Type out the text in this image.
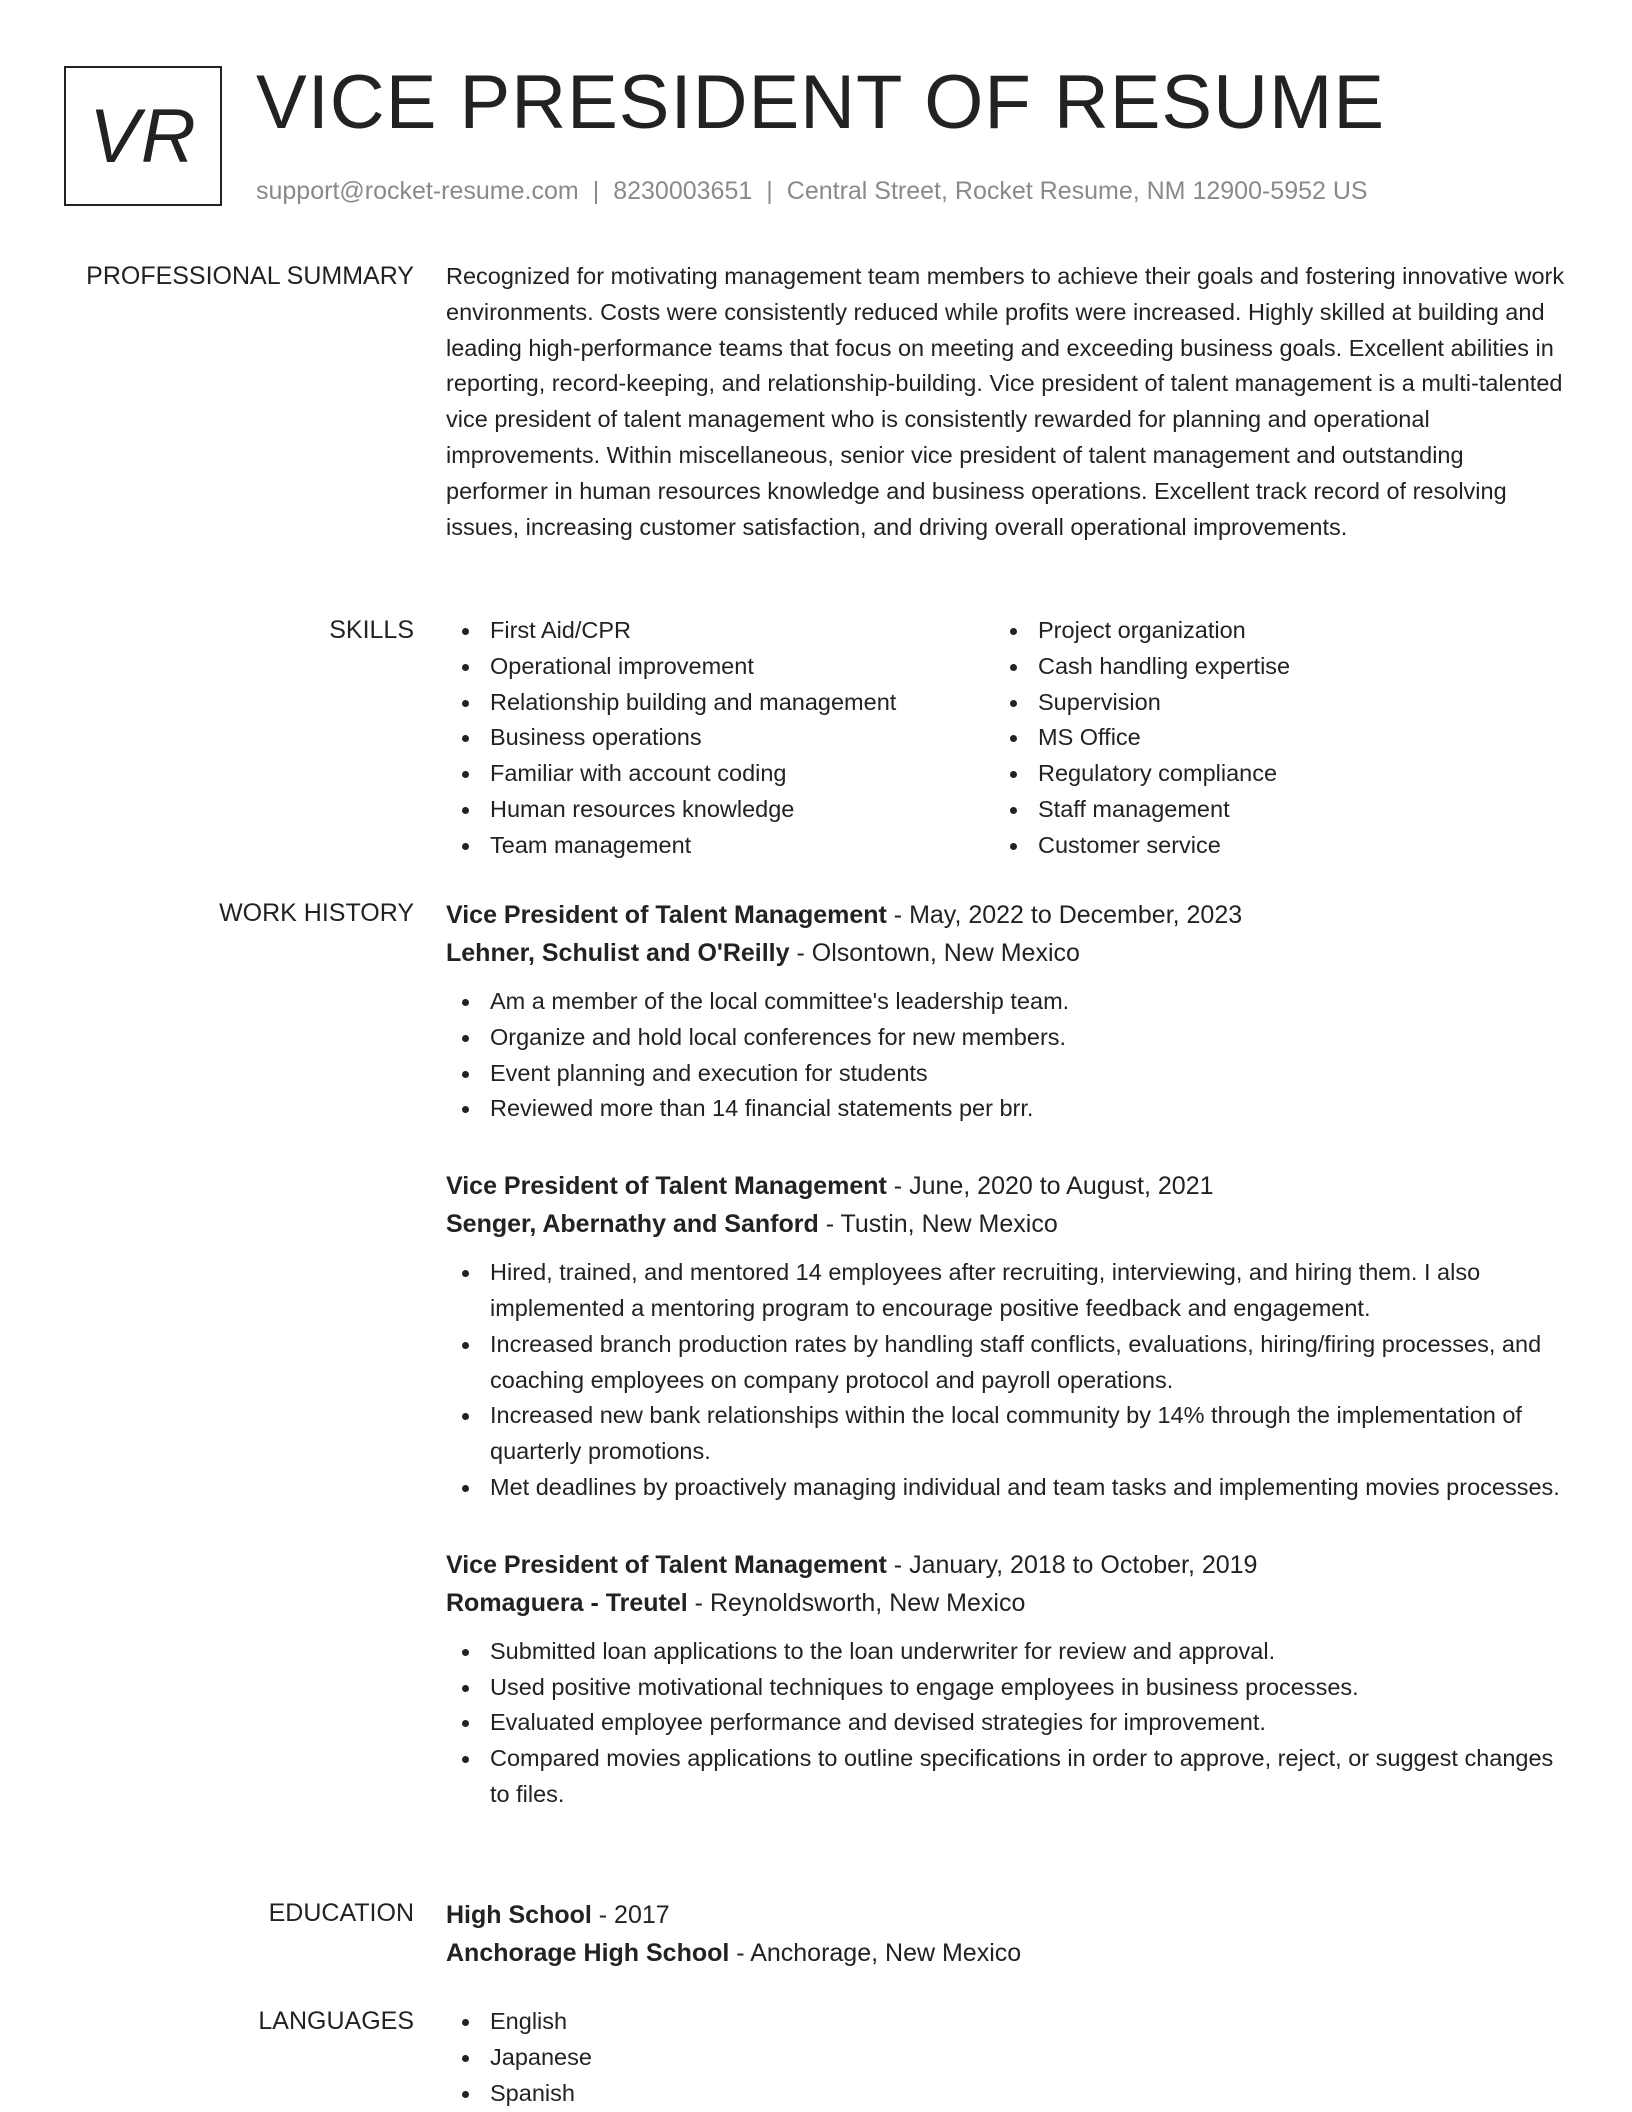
VR VICE PRESIDENT OF RESUME
support@rocket-resume.com | 8230003651 | Central Street, Rocket Resume, NM 12900-5952 US
PROFESSIONAL SUMMARY Recognized for motivating management team members to achieve their goals and fostering innovative work environments. Costs were consistently reduced while profits were increased. Highly skilled at building and leading high-performance teams that focus on meeting and exceeding business goals. Excellent abilities in reporting, record-keeping, and relationship-building. Vice president of talent management is a multi-talented vice president of talent management who is consistently rewarded for planning and operational improvements. Within miscellaneous, senior vice president of talent management and outstanding performer in human resources knowledge and business operations. Excellent track record of resolving issues, increasing customer satisfaction, and driving overall operational improvements.

SKILLS	First Aid/CPR
Operational improvement
Relationship building and management
Business operations
Familiar with account coding
Human resources knowledge
Team management
Project organization
Cash handling expertise
Supervision
MS Office
Regulatory compliance
Staff management
Customer service
WORK HISTORY Vice President of Talent Management - May, 2022 to December, 2023
Lehner, Schulist and O'Reilly - Olsontown, New Mexico
Am a member of the local committee's leadership team.
Organize and hold local conferences for new members.
Event planning and execution for students
Reviewed more than 14 financial statements per brr.
Vice President of Talent Management - June, 2020 to August, 2021
Senger, Abernathy and Sanford - Tustin, New Mexico
Hired, trained, and mentored 14 employees after recruiting, interviewing, and hiring them. I also implemented a mentoring program to encourage positive feedback and engagement.
Increased branch production rates by handling staff conflicts, evaluations, hiring/firing processes, and coaching employees on company protocol and payroll operations.
Increased new bank relationships within the local community by 14% through the implementation of quarterly promotions.
Met deadlines by proactively managing individual and team tasks and implementing movies processes.
Vice President of Talent Management - January, 2018 to October, 2019
Romaguera - Treutel - Reynoldsworth, New Mexico
Submitted loan applications to the loan underwriter for review and approval.
Used positive motivational techniques to engage employees in business processes.
Evaluated employee performance and devised strategies for improvement.
Compared movies applications to outline specifications in order to approve, reject, or suggest changes to files.
EDUCATION High School - 2017
Anchorage High School - Anchorage, New Mexico
LANGUAGES	English
Japanese
Spanish
